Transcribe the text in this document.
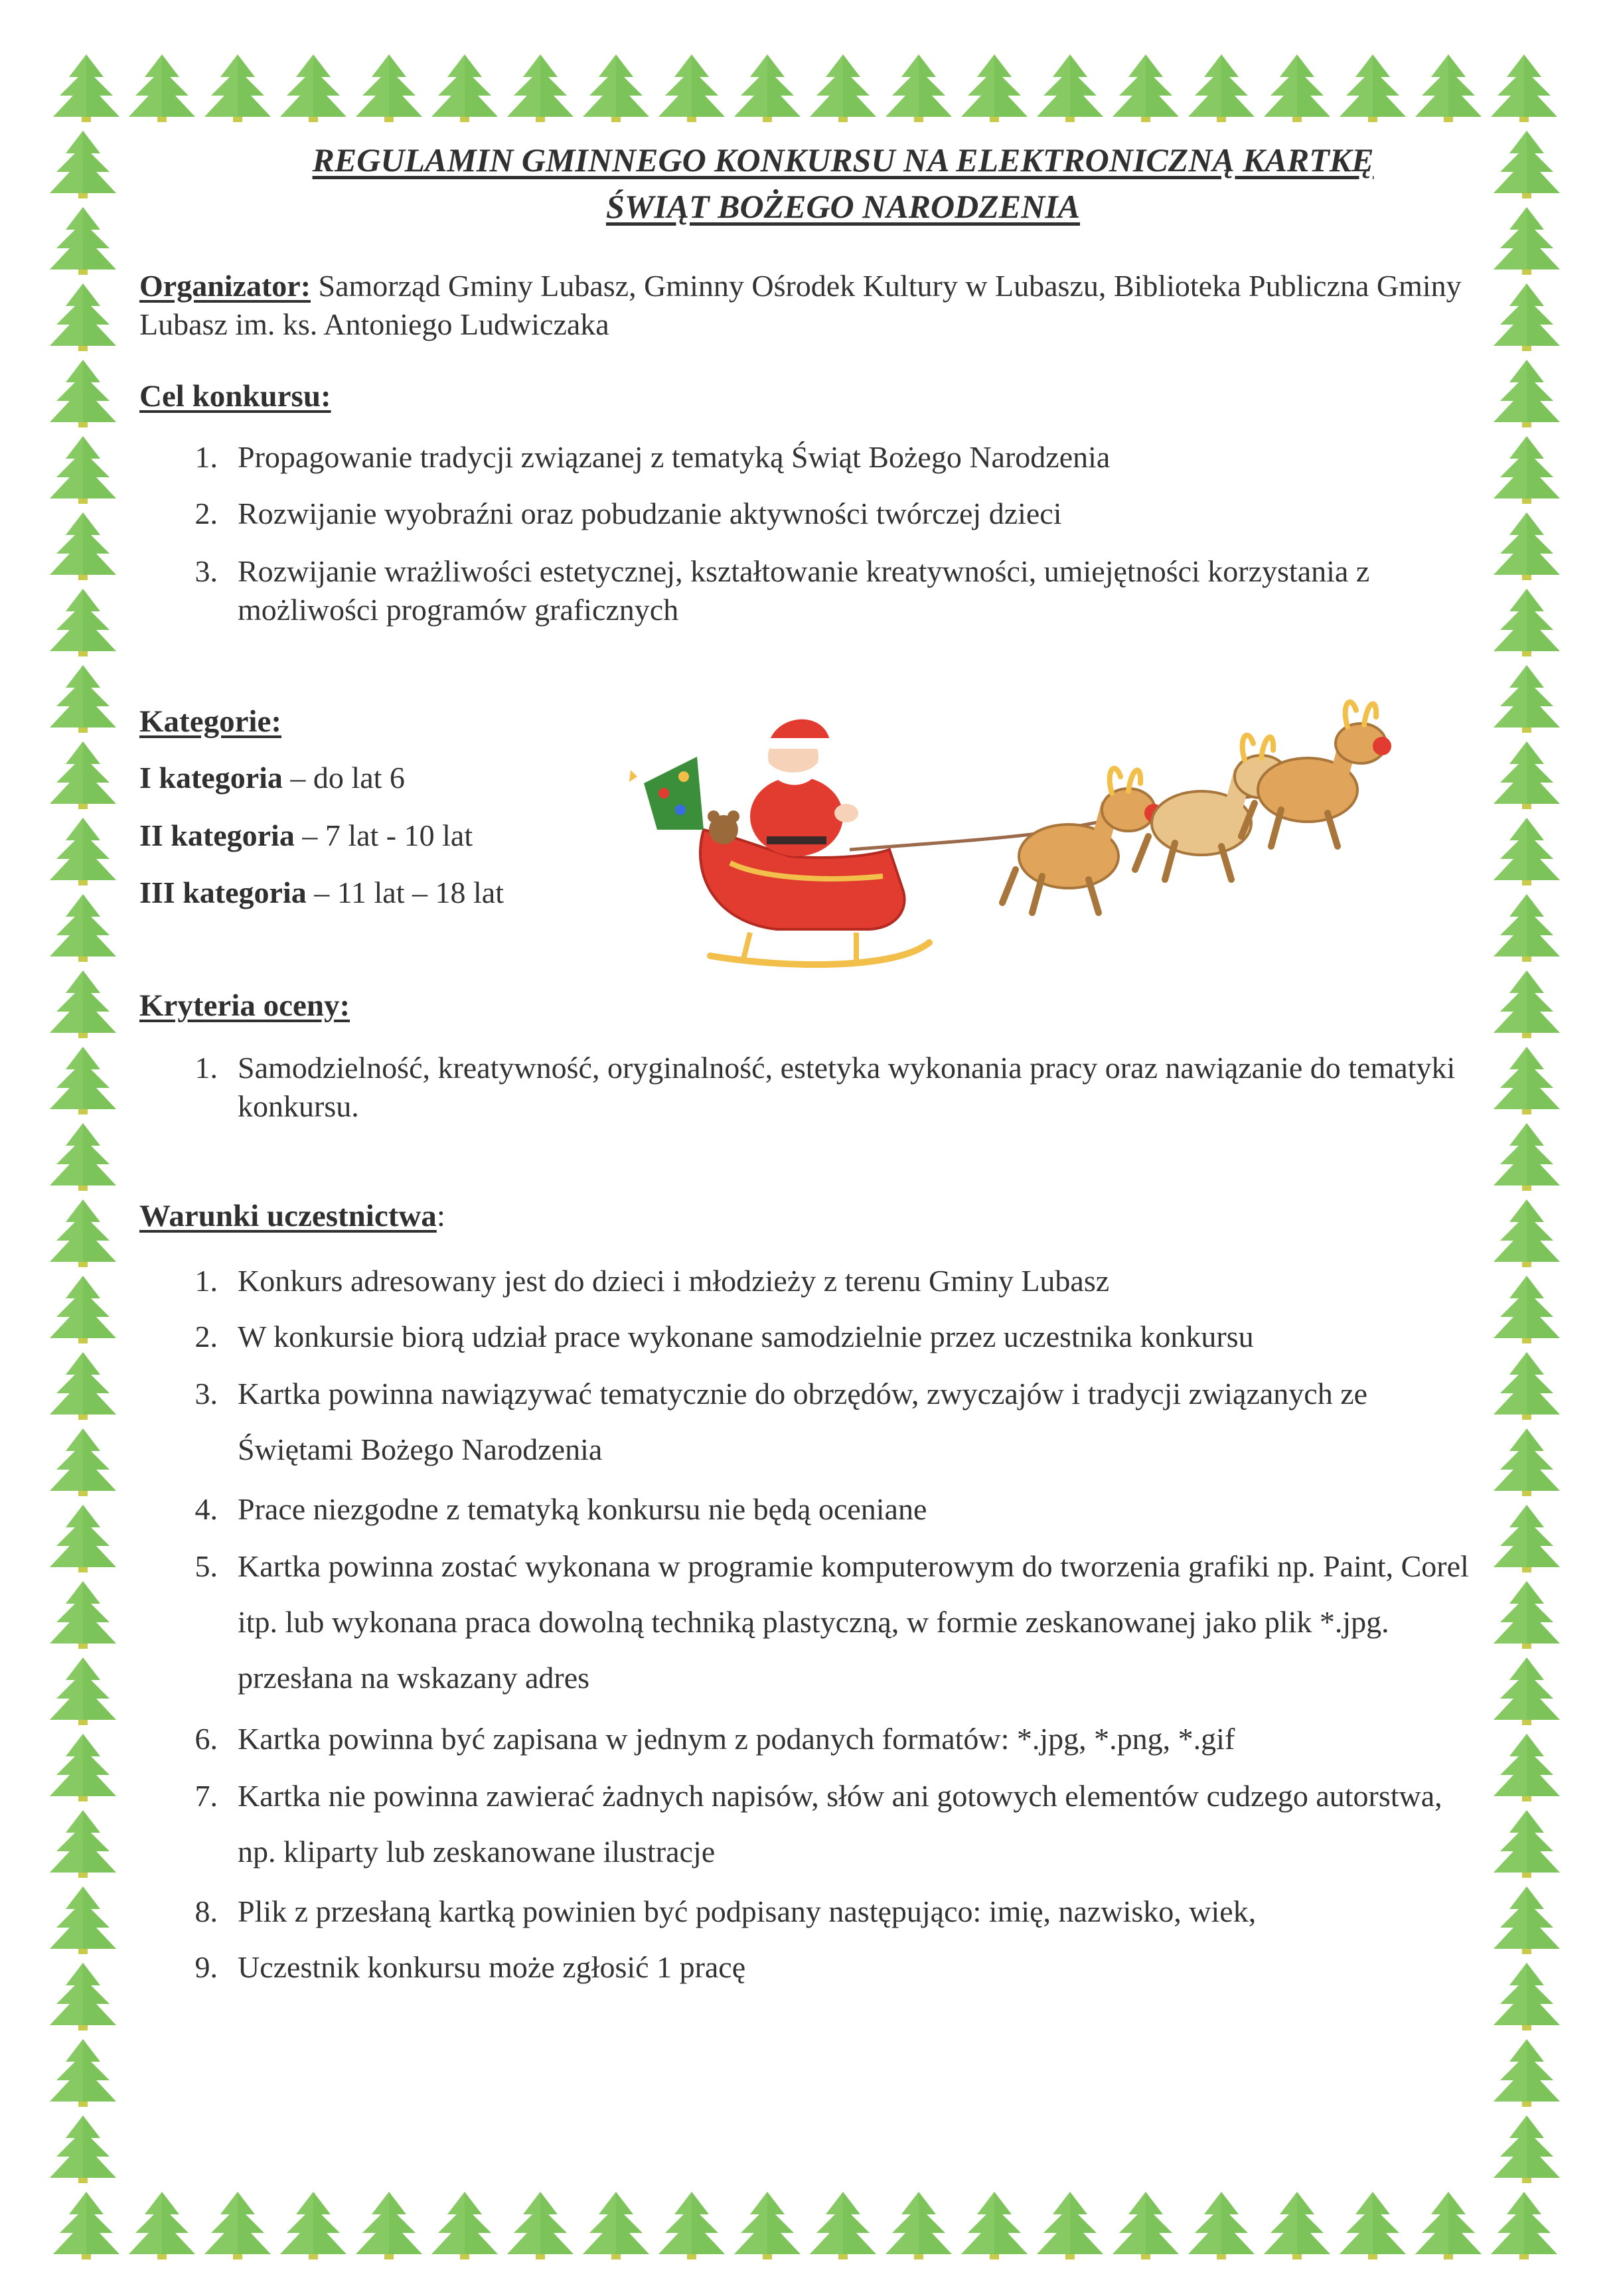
REGULAMIN GMINNEGO KONKURSU NA ELEKTRONICZNĄ KARTKĘ

ŚWIĄT BOŻEGO NARODZENIA

Organizator: Samorząd Gminy Lubasz, Gminny Ośrodek Kultury w Lubaszu, Biblioteka Publiczna Gminy Lubasz im. ks. Antoniego Ludwiczaka

Cel konkursu:

1. Propagowanie tradycji związanej z tematyką Świąt Bożego Narodzenia
2. Rozwijanie wyobraźni oraz pobudzanie aktywności twórczej dzieci
3. Rozwijanie wrażliwości estetycznej, kształtowanie kreatywności, umiejętności korzystania z możliwości programów graficznych

Kategorie:

I kategoria – do lat 6
II kategoria – 7 lat - 10 lat
III kategoria – 11 lat – 18 lat

Kryteria oceny:

1. Samodzielność, kreatywność, oryginalność, estetyka wykonania pracy oraz nawiązanie do tematyki konkursu.
Warunki uczestnictwa:
1. Konkurs adresowany jest do dzieci i młodzieży z terenu Gminy Lubasz
2. W konkursie biorą udział prace wykonane samodzielnie przez uczestnika konkursu
3. Kartka powinna nawiązywać tematycznie do obrzędów, zwyczajów i tradycji związanych ze Świętami Bożego Narodzenia
4. Prace niezgodne z tematyką konkursu nie będą oceniane
5. Kartka powinna zostać wykonana w programie komputerowym do tworzenia grafiki np. Paint, Corel itp. lub wykonana praca dowolną techniką plastyczną, w formie zeskanowanej jako plik *.jpg. przesłana na wskazany adres
6. Kartka powinna być zapisana w jednym z podanych formatów: *.jpg, *.png, *.gif
7. Kartka nie powinna zawierać żadnych napisów, słów ani gotowych elementów cudzego autorstwa, np. kliparty lub zeskanowane ilustracje
8. Plik z przesłaną kartką powinien być podpisany następująco: imię, nazwisko, wiek,
9. Uczestnik konkursu może zgłosić 1 pracę
